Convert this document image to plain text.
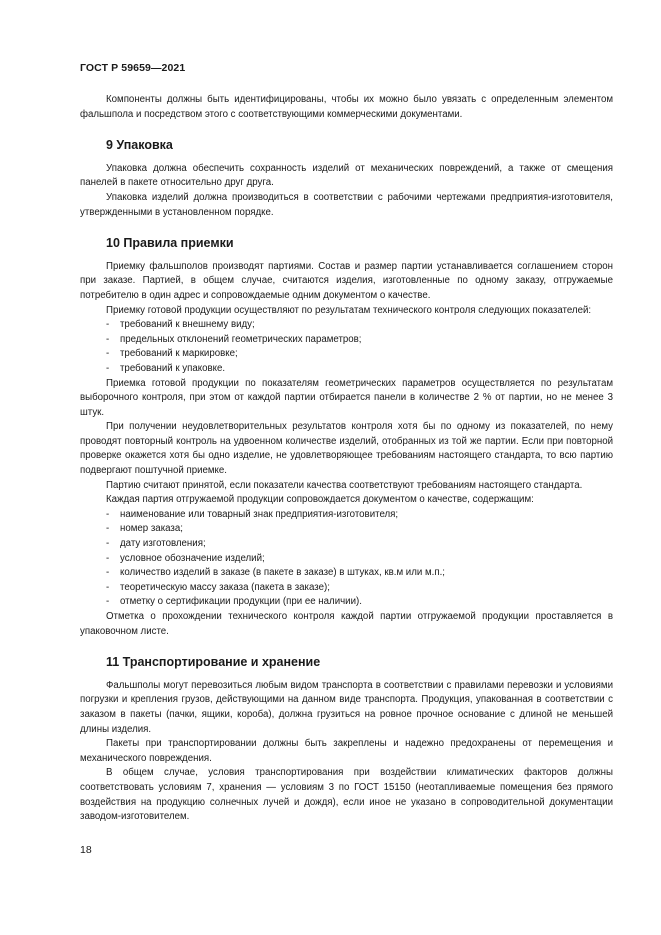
ГОСТ Р 59659—2021

Компоненты должны быть идентифицированы, чтобы их можно было увязать с определенным элементом фальшпола и посредством этого с соответствующими коммерческими документами.

9 Упаковка

Упаковка должна обеспечить сохранность изделий от механических повреждений, а также от смещения панелей в пакете относительно друг друга.

Упаковка изделий должна производиться в соответствии с рабочими чертежами предприятия-изготовителя, утвержденными в установленном порядке.

10 Правила приемки

Приемку фальшполов производят партиями. Состав и размер партии устанавливается соглашением сторон при заказе. Партией, в общем случае, считаются изделия, изготовленные по одному заказу, отгружаемые потребителю в один адрес и сопровождаемые одним документом о качестве.

Приемку готовой продукции осуществляют по результатам технического контроля следующих показателей:

- требований к внешнему виду;

- предельных отклонений геометрических параметров;

- требований к маркировке;

- требований к упаковке.

Приемка готовой продукции по показателям геометрических параметров осуществляется по результатам выборочного контроля, при этом от каждой партии отбирается панели в количестве 2 % от партии, но не менее 3 штук.

При получении неудовлетворительных результатов контроля хотя бы по одному из показателей, по нему проводят повторный контроль на удвоенном количестве изделий, отобранных из той же партии. Если при повторной проверке окажется хотя бы одно изделие, не удовлетворяющее требованиям настоящего стандарта, то всю партию подвергают поштучной приемке.

Партию считают принятой, если показатели качества соответствуют требованиям настоящего стандарта.

Каждая партия отгружаемой продукции сопровождается документом о качестве, содержащим:

- наименование или товарный знак предприятия-изготовителя;

- номер заказа;

- дату изготовления;

- условное обозначение изделий;

- количество изделий в заказе (в пакете в заказе) в штуках, кв.м или м.п.;

- теоретическую массу заказа (пакета в заказе);

- отметку о сертификации продукции (при ее наличии).

Отметка о прохождении технического контроля каждой партии отгружаемой продукции проставляется в упаковочном листе.

11 Транспортирование и хранение

Фальшполы могут перевозиться любым видом транспорта в соответствии с правилами перевозки и условиями погрузки и крепления грузов, действующими на данном виде транспорта. Продукция, упакованная в соответствии с заказом в пакеты (пачки, ящики, короба), должна грузиться на ровное прочное основание с длиной не меньшей длины изделия.

Пакеты при транспортировании должны быть закреплены и надежно предохранены от перемещения и механического повреждения.

В общем случае, условия транспортирования при воздействии климатических факторов должны соответствовать условиям 7, хранения — условиям 3 по ГОСТ 15150 (неотапливаемые помещения без прямого воздействия на продукцию солнечных лучей и дождя), если иное не указано в сопроводительной документации заводом-изготовителем.

18
